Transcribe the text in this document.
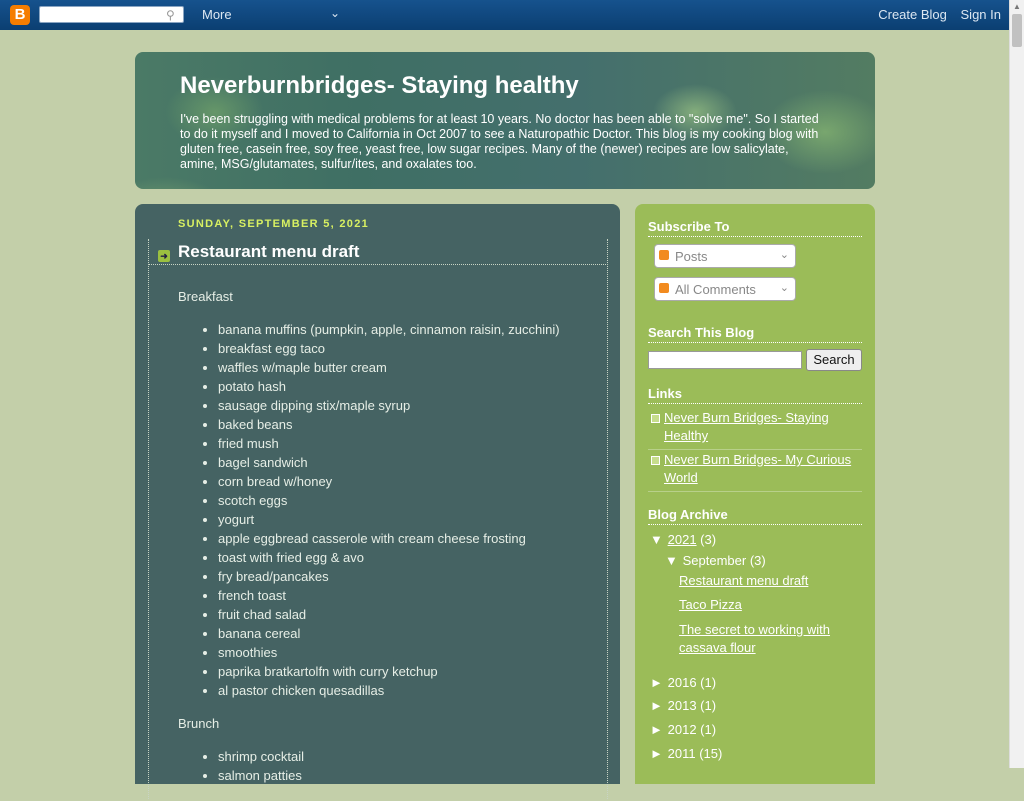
B	⚲	More	⌄	Create Blog Sign In
▲
Neverburnbridges- Staying healthy
I've been struggling with medical problems for at least 10 years. No doctor has been able to "solve me". So I started to do it myself and I moved to California in Oct 2007 to see a Naturopathic Doctor. This blog is my cooking blog with gluten free, casein free, soy free, yeast free, low sugar recipes. Many of the (newer) recipes are low salicylate, amine, MSG/glutamates, sulfur/ites, and oxalates too.
SUNDAY, SEPTEMBER 5, 2021
➜ Restaurant menu draft

Breakfast

• banana muffins (pumpkin, apple, cinnamon raisin, zucchini)
• breakfast egg taco
• waffles w/maple butter cream
• potato hash
• sausage dipping stix/maple syrup
• baked beans
• fried mush
• bagel sandwich
• corn bread w/honey
• scotch eggs
• yogurt
• apple eggbread casserole with cream cheese frosting
• toast with fried egg & avo
• fry bread/pancakes
• french toast
• fruit chad salad
• banana cereal
• smoothies
• paprika bratkartolfn with curry ketchup
• al pastor chicken quesadillas

Brunch

• shrimp cocktail
• salmon patties
Subscribe To
Posts	⌄
All Comments ⌄
Search This Blog
Search
Links
Never Burn Bridges- Staying Healthy
Never Burn Bridges- My Curious World
Blog Archive
▼ 2021 (3)
▼ September (3)
Restaurant menu draft
Taco Pizza
The secret to working with cassava flour
► 2016 (1)
► 2013 (1)
► 2012 (1)
► 2011 (15)
